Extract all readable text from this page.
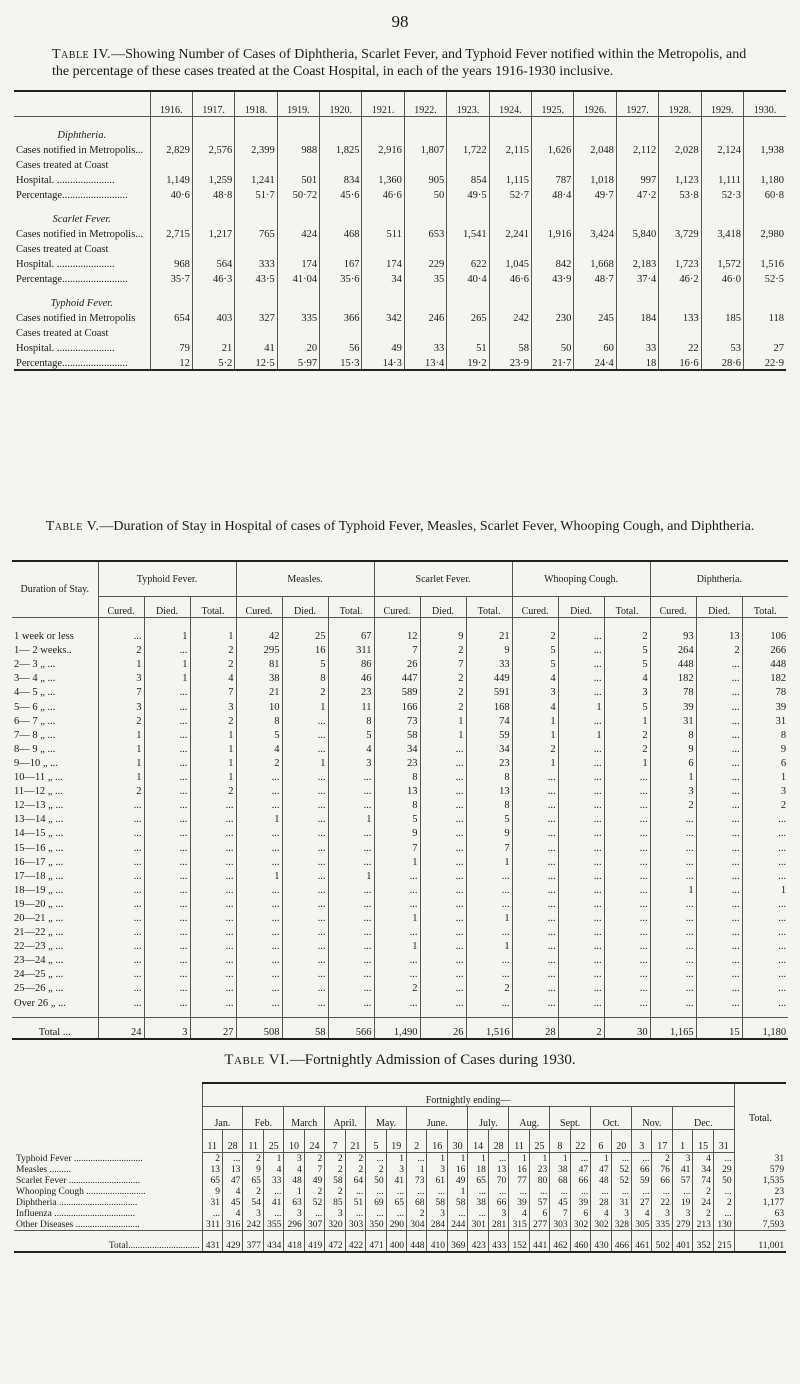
98
Table IV.—Showing Number of Cases of Diphtheria, Scarlet Fever, and Typhoid Fever notified within the Metropolis, and the percentage of these cases treated at the Coast Hospital, in each of the years 1916-1930 inclusive.
	1916.	1917.	1918.	1919.	1920.	1921.	1922.	1923.	1924.	1925.	1926.	1927.	1928.	1929.	1930.
Diphtheria.															
Cases notified in Metropolis...	2,829	2,576	2,399	988	1,825	2,916	1,807	1,722	2,115	1,626	2,048	2,112	2,028	2,124	1,938
Cases treated at Coast															
Hospital. ......................	1,149	1,259	1,241	501	834	1,360	905	854	1,115	787	1,018	997	1,123	1,111	1,180
Percentage.........................	40·6	48·8	51·7	50·72	45·6	46·6	50	49·5	52·7	48·4	49·7	47·2	53·8	52·3	60·8
Scarlet Fever.															
Cases notified in Metropolis...	2,715	1,217	765	424	468	511	653	1,541	2,241	1,916	3,424	5,840	3,729	3,418	2,980
Cases treated at Coast															
Hospital. ......................	968	564	333	174	167	174	229	622	1,045	842	1,668	2,183	1,723	1,572	1,516
Percentage.........................	35·7	46·3	43·5	41·04	35·6	34	35	40·4	46·6	43·9	48·7	37·4	46·2	46·0	52·5
Typhoid Fever.															
Cases notified in Metropolis	654	403	327	335	366	342	246	265	242	230	245	184	133	185	118
Cases treated at Coast															
Hospital. ......................	79	21	41	20	56	49	33	51	58	50	60	33	22	53	27
Percentage.........................	12	5·2	12·5	5·97	15·3	14·3	13·4	19·2	23·9	21·7	24·4	18	16·6	28·6	22·9
Table V.—Duration of Stay in Hospital of cases of Typhoid Fever, Measles, Scarlet Fever, Whooping Cough, and Diphtheria.
Duration of Stay.	Typhoid Fever.			Measles.			Scarlet Fever.			Whooping Cough.			Diphtheria.		
	Cured.	Died.	Total.	Cured.	Died.	Total.	Cured.	Died.	Total.	Cured.	Died.	Total.	Cured.	Died.	Total.

1 week or less	...	1	1	42	25	67	12	9	21	2	...	2	93	13	106
1— 2 weeks..	2	...	2	295	16	311	7	2	9	5	...	5	264	2	266
2— 3 „ ...	1	1	2	81	5	86	26	7	33	5	...	5	448	...	448
3— 4 „ ...	3	1	4	38	8	46	447	2	449	4	...	4	182	...	182
4— 5 „ ...	7	...	7	21	2	23	589	2	591	3	...	3	78	...	78
5— 6 „ ...	3	...	3	10	1	11	166	2	168	4	1	5	39	...	39
6— 7 „ ...	2	...	2	8	...	8	73	1	74	1	...	1	31	...	31
7— 8 „ ...	1	...	1	5	...	5	58	1	59	1	1	2	8	...	8
8— 9 „ ...	1	...	1	4	...	4	34	...	34	2	...	2	9	...	9
9—10 „ ...	1	...	1	2	1	3	23	...	23	1	...	1	6	...	6
10—11 „ ...	1	...	1	...	...	...	8	...	8	...	...	...	1	...	1
11—12 „ ...	2	...	2	...	...	...	13	...	13	...	...	...	3	...	3
12—13 „ ...	...	...	...	...	...	...	8	...	8	...	...	...	2	...	2
13—14 „ ...	...	...	...	1	...	1	5	...	5	...	...	...	...	...	...
14—15 „ ...	...	...	...	...	...	...	9	...	9	...	...	...	...	...	...
15—16 „ ...	...	...	...	...	...	...	7	...	7	...	...	...	...	...	...
16—17 „ ...	...	...	...	...	...	...	1	...	1	...	...	...	...	...	...
17—18 „ ...	...	...	...	1	...	1	...	...	...	...	...	...	...	...	...
18—19 „ ...	...	...	...	...	...	...	...	...	...	...	...	...	1	...	1
19—20 „ ...	...	...	...	...	...	...	...	...	...	...	...	...	...	...	...
20—21 „ ...	...	...	...	...	...	...	1	...	1	...	...	...	...	...	...
21—22 „ ...	...	...	...	...	...	...	...	...	...	...	...	...	...	...	...
22—23 „ ...	...	...	...	...	...	...	1	...	1	...	...	...	...	...	...
23—24 „ ...	...	...	...	...	...	...	...	...	...	...	...	...	...	...	...
24—25 „ ...	...	...	...	...	...	...	...	...	...	...	...	...	...	...	...
25—26 „ ...	...	...	...	...	...	...	2	...	2	...	...	...	...	...	...
Over 26 „ ...	...	...	...	...	...	...	...	...	...	...	...	...	...	...	...

Total ...	24	3	27	508	58	566	1,490	26	1,516	28	2	30	1,165	15	1,180
Table VI.—Fortnightly Admission of Cases during 1930.
	Fortnightly ending—																										Total.
	Jan.		Feb.		March		April.		May.		June.			July.		Aug.		Sept.		Oct.		Nov.		Dec.			
	11	28	11	25	10	24	7	21	5	19	2	16	30	14	28	11	25	8	22	6	20	3	17	1	15	31	
Typhoid Fever .............................	2	...	2	1	3	2	2	2	...	1	...	1	1	1	...	1	1	1	...	1	...	...	2	3	4	...	31
Measles .........	13	13	9	4	4	7	2	2	2	3	1	3	16	18	13	16	23	38	47	47	52	66	76	41	34	29	579
Scarlet Fever ..............................	65	47	65	33	48	49	58	64	50	41	73	61	49	65	70	77	80	68	66	48	52	59	66	57	74	50	1,535
Whooping Cough .........................	9	4	2	...	1	2	2	...	...	...	...	...	1	...	...	...	...	...	...	...	...	...	...	...	2	...	23
Diphtheria .................................	31	45	54	41	63	52	85	51	69	65	68	58	58	38	66	39	57	45	39	28	31	27	22	19	24	2	1,177
Influenza ..................................	...	4	3	...	3	...	3	...	...	...	2	3	...	...	3	4	6	7	6	4	3	4	3	3	2	...	63
Other Diseases ...........................	311	316	242	355	296	307	320	303	350	290	304	284	244	301	281	315	277	303	302	302	328	305	335	279	213	130	7,593
Total..............................	431	429	377	434	418	419	472	422	471	400	448	410	369	423	433	152	441	462	460	430	466	461	502	401	352	215	11,001
